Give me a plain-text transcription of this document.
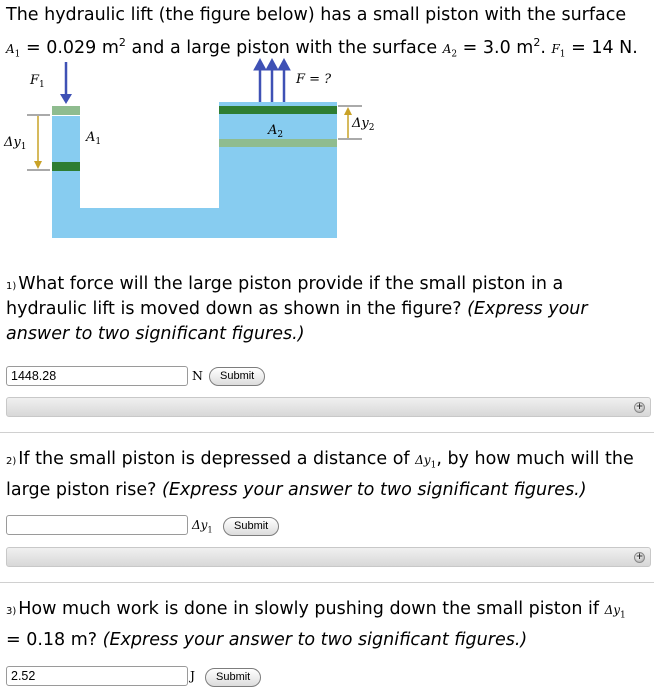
The hydraulic lift (the figure below) has a small piston with the surface
$A_1 = 0.029$ $m^2$ and a large piston with the surface $A_2 = 3.0$ $m^2$. $F_1 = 14$ N.
$F_1$	F = ?
$A_1$
$A_2$
$\Delta y_1$
$\Delta y_2$
$^{1)}$ What force will the large piston provide if the small piston in a hydraulic lift is moved down as shown in the figure? (Express your answer to two significant figures.)
1448.28	N	Submit
+
$^{2)}$ If the small piston is depressed a distance of $\Delta y_1$, by how much will the large piston rise? (Express your answer to two significant figures.)
$\Delta y_1$	Submit
+
$^{3)}$ How much work is done in slowly pushing down the small piston if $\Delta y_1$
= 0.18 m? (Express your answer to two significant figures.)
2.52	J	Submit
